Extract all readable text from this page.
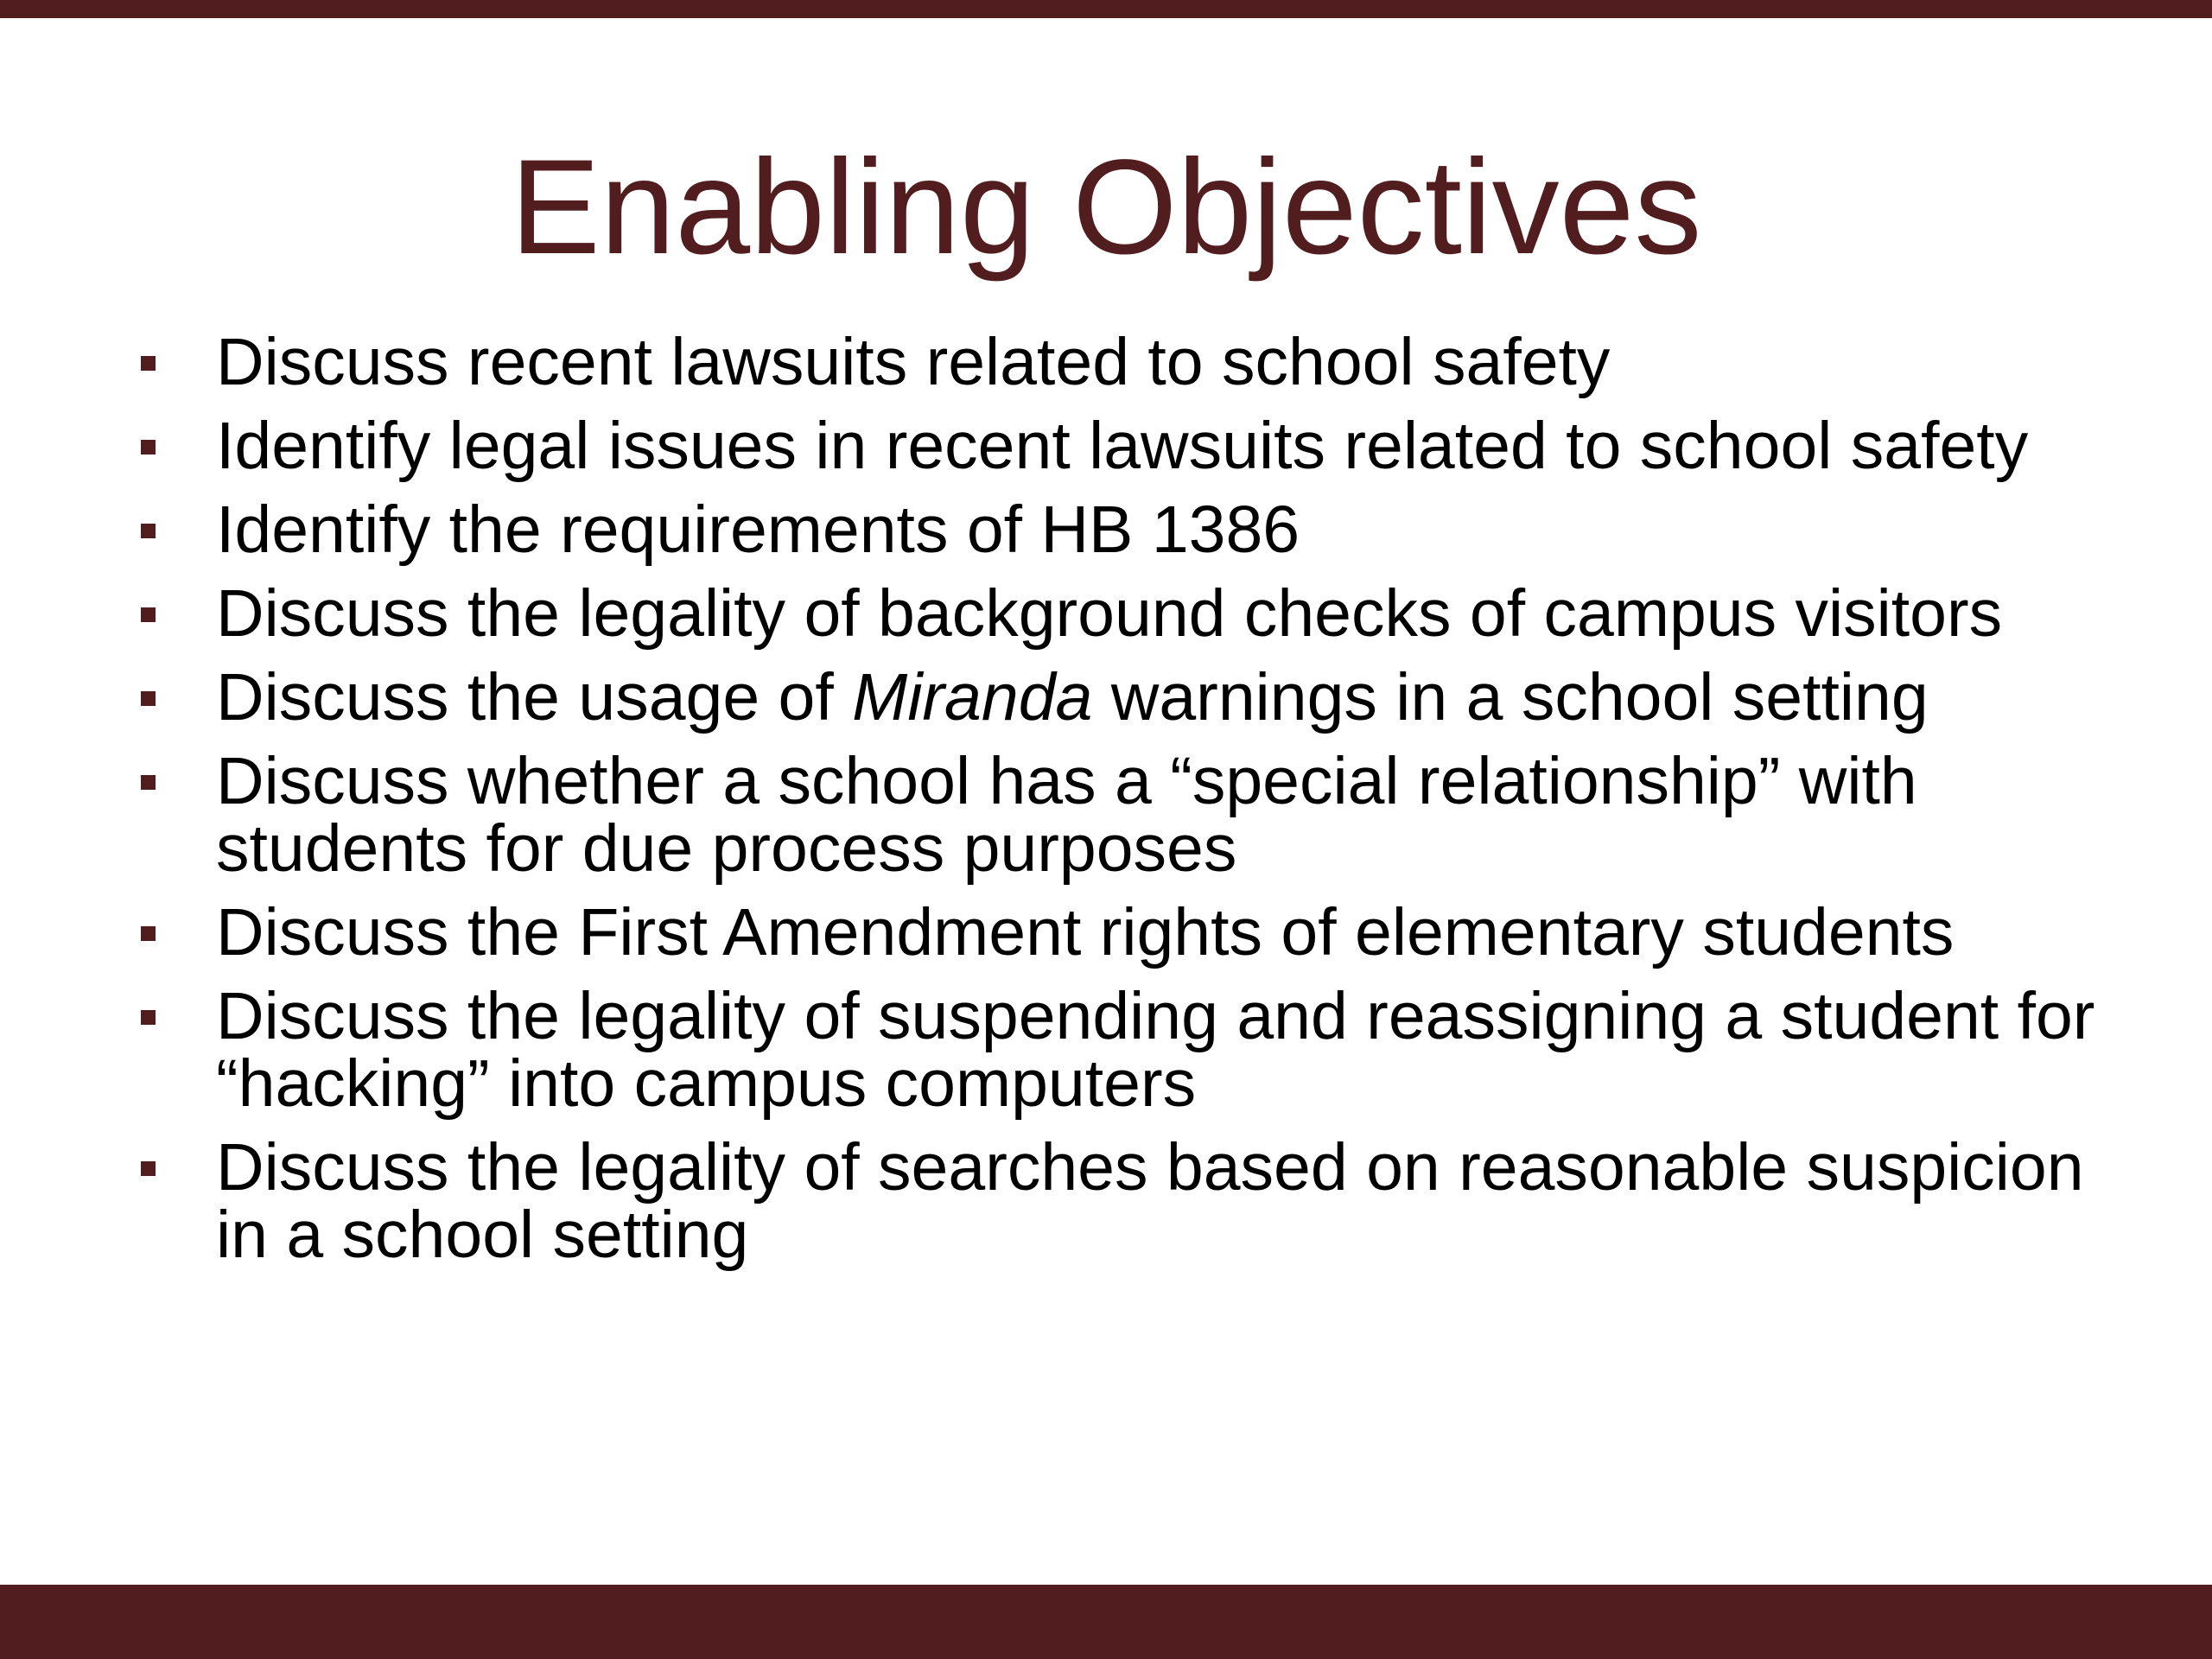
Enabling Objectives
Discuss recent lawsuits related to school safety
Identify legal issues in recent lawsuits related to school safety
Identify the requirements of HB 1386
Discuss the legality of background checks of campus visitors
Discuss the usage of Miranda warnings in a school setting
Discuss whether a school has a “special relationship” with students for due process purposes
Discuss the First Amendment rights of elementary students
Discuss the legality of suspending and reassigning a student for “hacking” into campus computers
Discuss the legality of searches based on reasonable suspicion in a school setting
